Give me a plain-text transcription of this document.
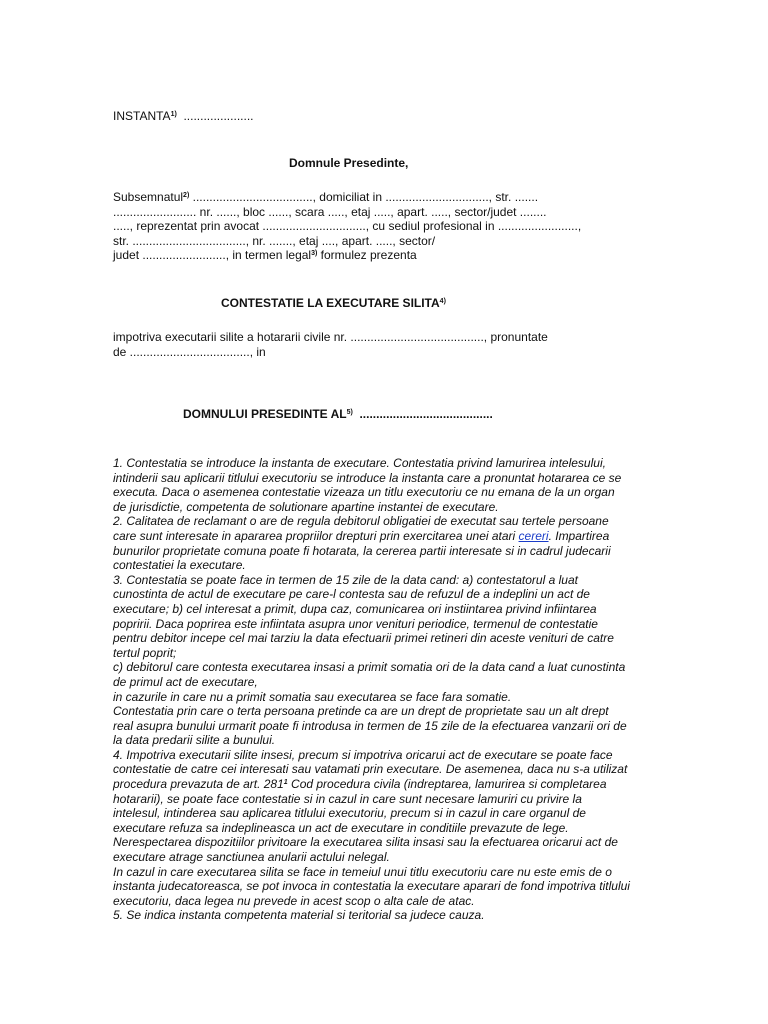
INSTANTA$^{1)}$ .....................
Domnule Presedinte,
Subsemnatul$^{2)}$ ...................................., domiciliat in ..............................., str. .......
......................... nr. ......, bloc ......, scara ....., etaj ....., apart. ....., sector/judet ........
....., reprezentat prin avocat ..............................., cu sediul profesional in ........................,
str. .................................., nr. ......., etaj ...., apart. ....., sector/
judet ........................., in termen legal$^{3)}$ formulez prezenta
CONTESTATIE LA EXECUTARE SILITA$^{4)}$
impotriva executarii silite a hotararii civile nr. ........................................, pronuntate
de ...................................., in
DOMNULUI PRESEDINTE AL$^{5)}$ ........................................
1. Contestatia se introduce la instanta de executare. Contestatia privind lamurirea intelesului,
intinderii sau aplicarii titlului executoriu se introduce la instanta care a pronuntat hotararea ce se
executa. Daca o asemenea contestatie vizeaza un titlu executoriu ce nu emana de la un organ
de jurisdictie, competenta de solutionare apartine instantei de executare.
2. Calitatea de reclamant o are de regula debitorul obligatiei de executat sau tertele persoane
care sunt interesate in apararea propriilor drepturi prin exercitarea unei atari cereri. Impartirea
bunurilor proprietate comuna poate fi hotarata, la cererea partii interesate si in cadrul judecarii
contestatiei la executare.
3. Contestatia se poate face in termen de 15 zile de la data cand: a) contestatorul a luat
cunostinta de actul de executare pe care-l contesta sau de refuzul de a indeplini un act de
executare; b) cel interesat a primit, dupa caz, comunicarea ori instiintarea privind infiintarea
popririi. Daca poprirea este infiintata asupra unor venituri periodice, termenul de contestatie
pentru debitor incepe cel mai tarziu la data efectuarii primei retineri din aceste venituri de catre
tertul poprit;
c) debitorul care contesta executarea insasi a primit somatia ori de la data cand a luat cunostinta
de primul act de executare,
in cazurile in care nu a primit somatia sau executarea se face fara somatie.
Contestatia prin care o terta persoana pretinde ca are un drept de proprietate sau un alt drept
real asupra bunului urmarit poate fi introdusa in termen de 15 zile de la efectuarea vanzarii ori de
la data predarii silite a bunului.
4. Impotriva executarii silite insesi, precum si impotriva oricarui act de executare se poate face
contestatie de catre cei interesati sau vatamati prin executare. De asemenea, daca nu s-a utilizat
procedura prevazuta de art. $281^1$ Cod procedura civila (indreptarea, lamurirea si completarea
hotararii), se poate face contestatie si in cazul in care sunt necesare lamuriri cu privire la
intelesul, intinderea sau aplicarea titlului executoriu, precum si in cazul in care organul de
executare refuza sa indeplineasca un act de executare in conditiile prevazute de lege.
Nerespectarea dispozitiilor privitoare la executarea silita insasi sau la efectuarea oricarui act de
executare atrage sanctiunea anularii actului nelegal.
In cazul in care executarea silita se face in temeiul unui titlu executoriu care nu este emis de o
instanta judecatoreasca, se pot invoca in contestatia la executare aparari de fond impotriva titlului
executoriu, daca legea nu prevede in acest scop o alta cale de atac.
5. Se indica instanta competenta material si teritorial sa judece cauza.
